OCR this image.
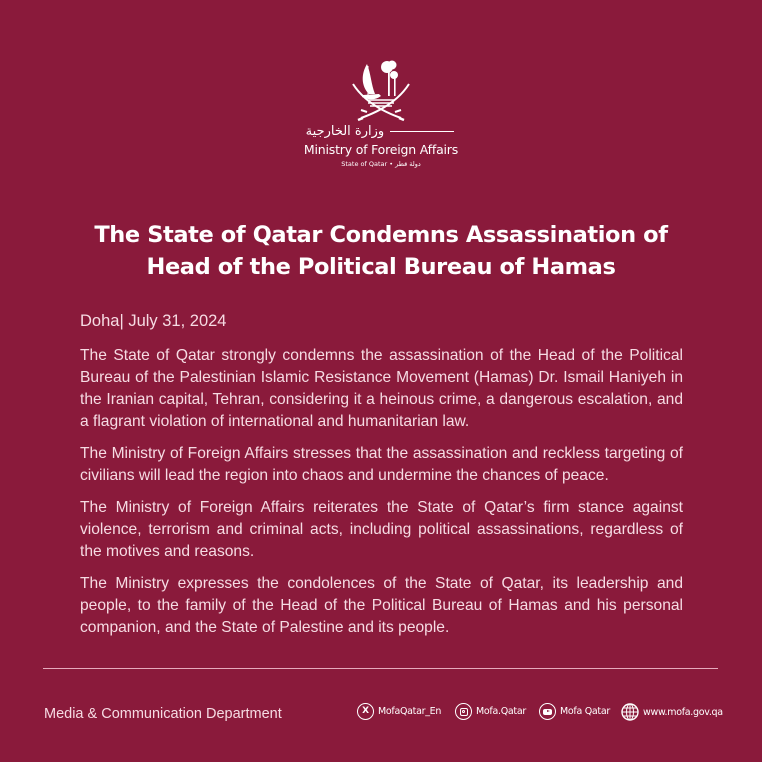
وزارة الخارجية
Ministry of Foreign Affairs
State of Qatar • دولة قطر
The State of Qatar Condemns Assassination of
Head of the Political Bureau of Hamas
Doha| July 31, 2024

The State of Qatar strongly condemns the assassination of the Head of the Political Bureau of the Palestinian Islamic Resistance Movement (Hamas) Dr. Ismail Haniyeh in the Iranian capital, Tehran, considering it a heinous crime, a dangerous escalation, and a flagrant violation of international and humanitarian law.

The Ministry of Foreign Affairs stresses that the assassination and reckless targeting of civilians will lead the region into chaos and undermine the chances of peace.

The Ministry of Foreign Affairs reiterates the State of Qatar’s firm stance against violence, terrorism and criminal acts, including political assassinations, regardless of the motives and reasons.

The Ministry expresses the condolences of the State of Qatar, its leadership and people, to the family of the Head of the Political Bureau of Hamas and his personal companion, and the State of Palestine and its people.

Media & Communication Department	X MofaQatar_En	Mofa.Qatar	Mofa Qatar	www.mofa.gov.qa
